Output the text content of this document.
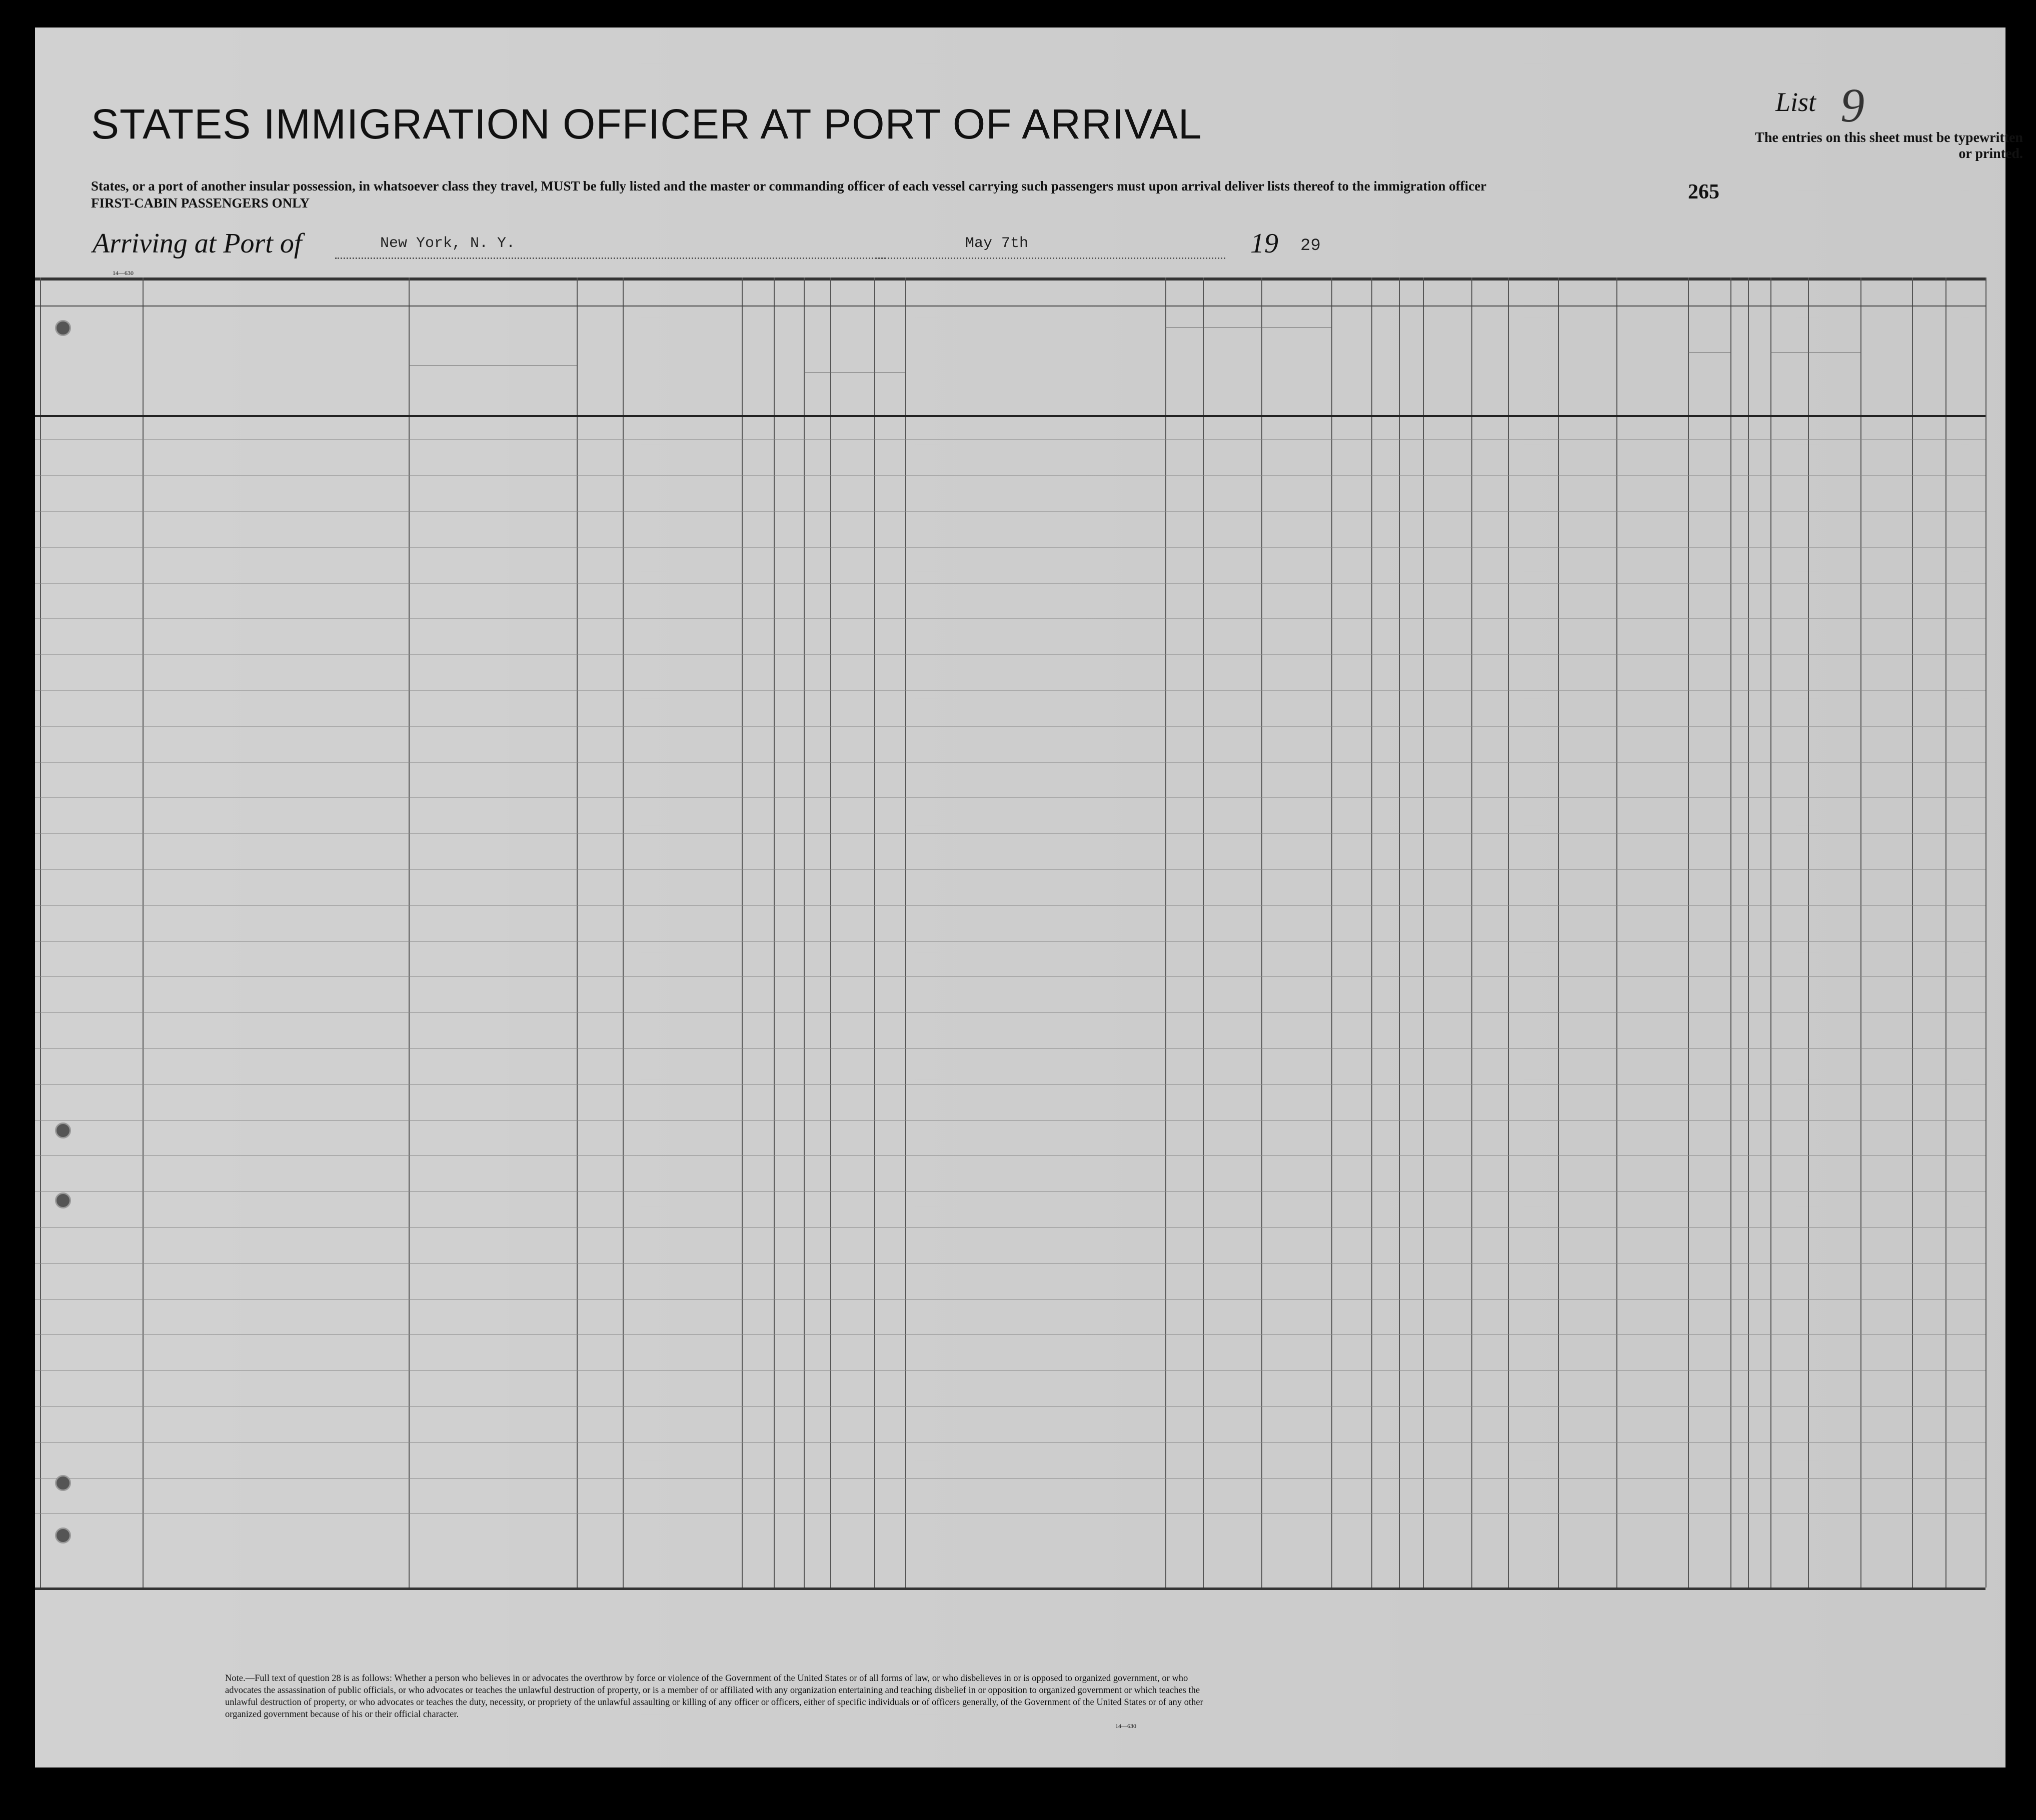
STATES IMMIGRATION OFFICER AT PORT OF ARRIVAL	List 9
The entries on this sheet must be typewritten or printed.
States, or a port of another insular possession, in whatsoever class they travel, MUST be fully listed and the master or commanding officer of each vessel carrying such passengers must upon arrival deliver lists thereof to the immigration officer
FIRST-CABIN PASSENGERS ONLY	265
Arriving at Port of	New York, N. Y.	May 7th	19 29
14—630
Note.—Full text of question 28 is as follows: Whether a person who believes in or advocates the overthrow by force or violence of the Government of the United States or of all forms of law, or who disbelieves in or is opposed to organized government, or who advocates the assassination of public officials, or who advocates or teaches the unlawful destruction of property, or is a member of or affiliated with any organization entertaining and teaching disbelief in or opposition to organized government or which teaches the unlawful destruction of property, or who advocates or teaches the duty, necessity, or propriety of the unlawful assaulting or killing of any officer or officers, either of specific individuals or of officers generally, of the Government of the United States or of any other organized government because of his or their official character.
14—630
